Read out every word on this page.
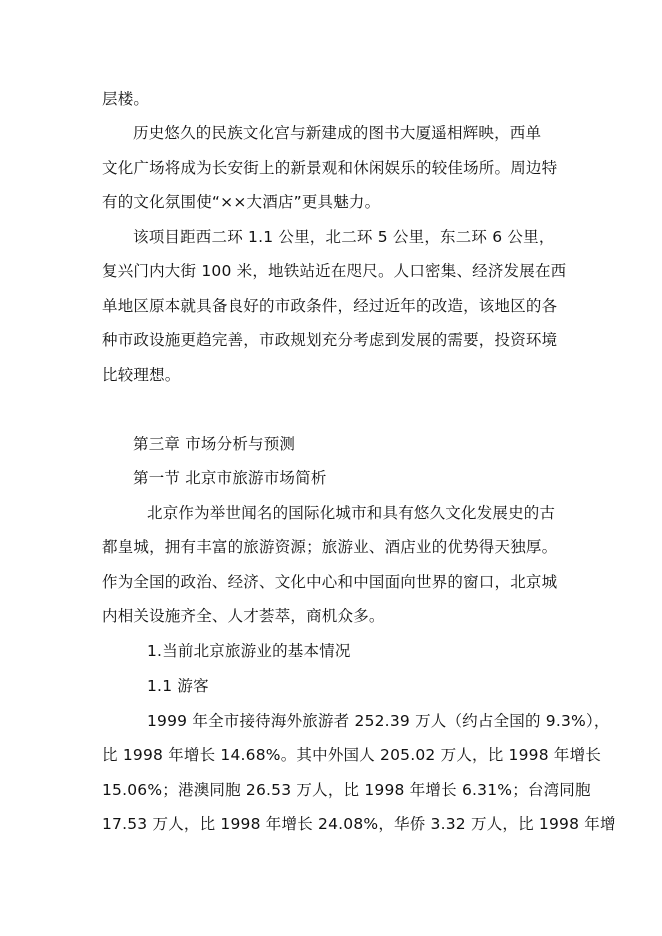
层楼。
历史悠久的民族文化宫与新建成的图书大厦遥相辉映，西单
文化广场将成为长安街上的新景观和休闲娱乐的较佳场所。周边特
有的文化氛围使“××大酒店”更具魅力。
该项目距西二环 1.1 公里，北二环 5 公里，东二环 6 公里，
复兴门内大街 100 米，地铁站近在咫尺。人口密集、经济发展在西
单地区原本就具备良好的市政条件，经过近年的改造，该地区的各
种市政设施更趋完善，市政规划充分考虑到发展的需要，投资环境
比较理想。
第三章 市场分析与预测
第一节 北京市旅游市场简析
北京作为举世闻名的国际化城市和具有悠久文化发展史的古
都皇城，拥有丰富的旅游资源；旅游业、酒店业的优势得天独厚。
作为全国的政治、经济、文化中心和中国面向世界的窗口，北京城
内相关设施齐全、人才荟萃，商机众多。
1.当前北京旅游业的基本情况
1.1 游客
1999 年全市接待海外旅游者 252.39 万人（约占全国的 9.3%），
比 1998 年增长 14.68%。其中外国人 205.02 万人，比 1998 年增长
15.06%；港澳同胞 26.53 万人，比 1998 年增长 6.31%；台湾同胞
17.53 万人，比 1998 年增长 24.08%，华侨 3.32 万人，比 1998 年增
